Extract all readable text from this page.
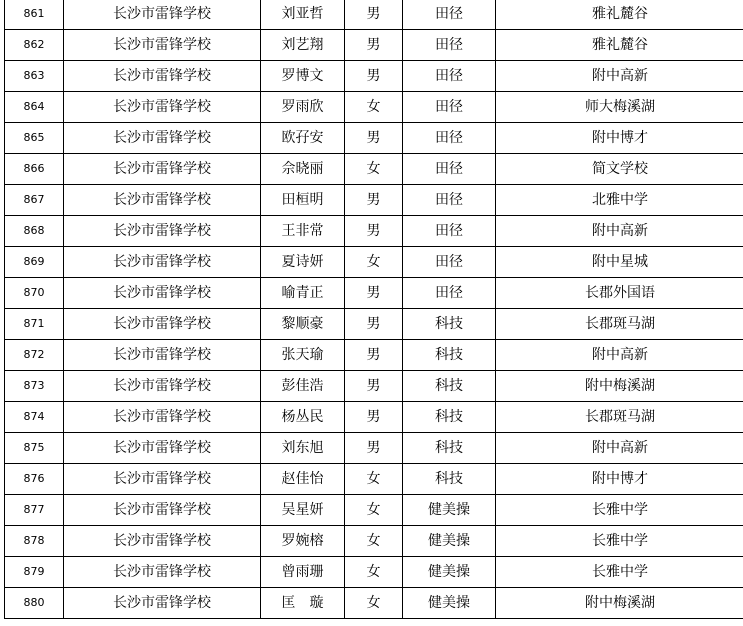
861	长沙市雷锋学校	刘亚哲	男	田径	雅礼麓谷
862	长沙市雷锋学校	刘艺翔	男	田径	雅礼麓谷
863	长沙市雷锋学校	罗博文	男	田径	附中高新
864	长沙市雷锋学校	罗雨欣	女	田径	师大梅溪湖
865	长沙市雷锋学校	欧孖安	男	田径	附中博才
866	长沙市雷锋学校	佘晓丽	女	田径	简文学校
867	长沙市雷锋学校	田桓明	男	田径	北雅中学
868	长沙市雷锋学校	王非常	男	田径	附中高新
869	长沙市雷锋学校	夏诗妍	女	田径	附中星城
870	长沙市雷锋学校	喻青正	男	田径	长郡外国语
871	长沙市雷锋学校	黎顺豪	男	科技	长郡斑马湖
872	长沙市雷锋学校	张天瑜	男	科技	附中高新
873	长沙市雷锋学校	彭佳浩	男	科技	附中梅溪湖
874	长沙市雷锋学校	杨丛民	男	科技	长郡斑马湖
875	长沙市雷锋学校	刘东旭	男	科技	附中高新
876	长沙市雷锋学校	赵佳怡	女	科技	附中博才
877	长沙市雷锋学校	吴星妍	女	健美操	长雅中学
878	长沙市雷锋学校	罗婉榕	女	健美操	长雅中学
879	长沙市雷锋学校	曾雨珊	女	健美操	长雅中学
880	长沙市雷锋学校	匡　璇	女	健美操	附中梅溪湖
